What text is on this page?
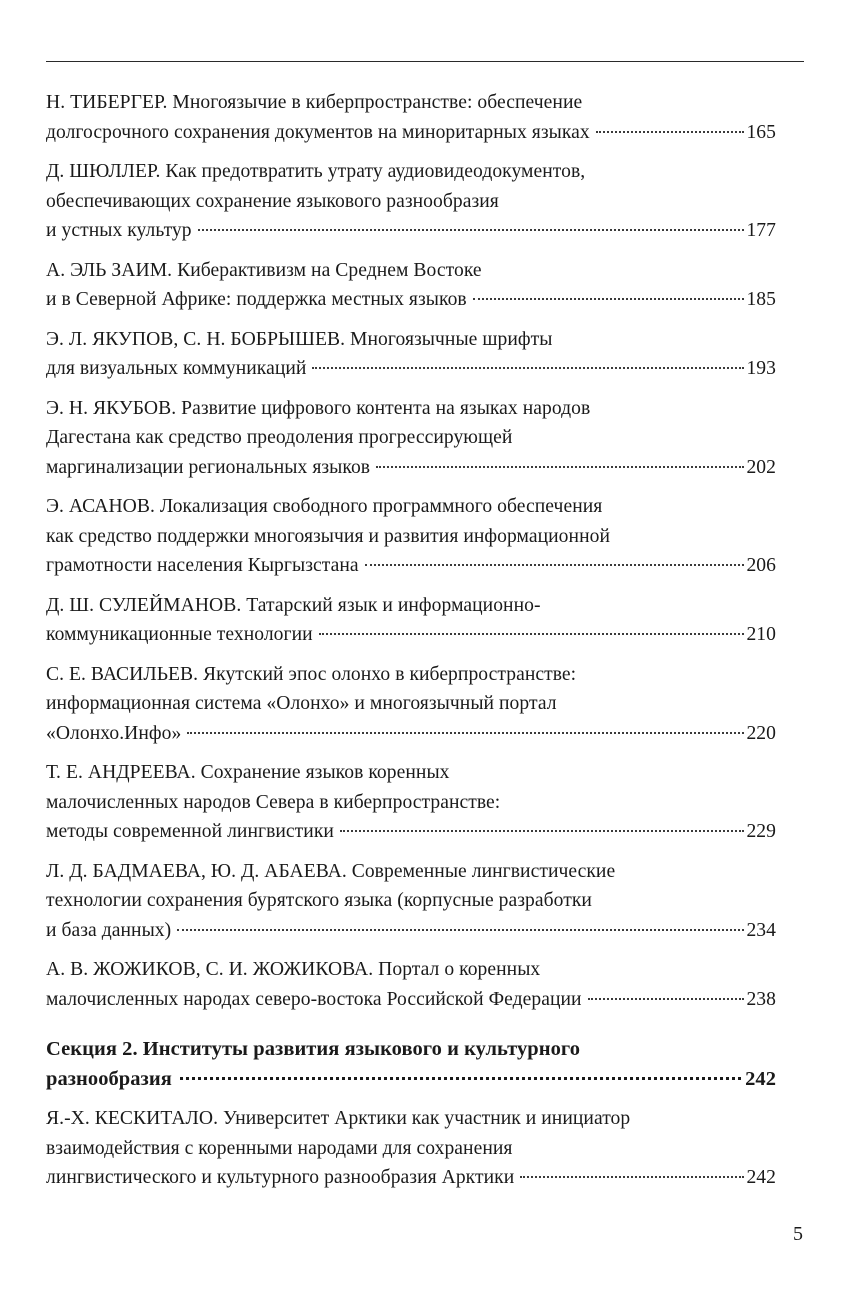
Н. ТИБЕРГЕР. Многоязычие в киберпространстве: обеспечение
долгосрочного сохранения документов на миноритарных языках	165
Д. ШЮЛЛЕР. Как предотвратить утрату аудиовидеодокументов,
обеспечивающих сохранение языкового разнообразия
и устных культур	177
А. ЭЛЬ ЗАИМ. Киберактивизм на Среднем Востоке
и в Северной Африке: поддержка местных языков	185
Э. Л. ЯКУПОВ, С. Н. БОБРЫШЕВ. Многоязычные шрифты
для визуальных коммуникаций	193
Э. Н. ЯКУБОВ. Развитие цифрового контента на языках народов
Дагестана как средство преодоления прогрессирующей
маргинализации региональных языков	202
Э. АСАНОВ. Локализация свободного программного обеспечения
как средство поддержки многоязычия и развития информационной
грамотности населения Кыргызстана	206
Д. Ш. СУЛЕЙМАНОВ. Татарский язык и информационно-
коммуникационные технологии	210
С. Е. ВАСИЛЬЕВ. Якутский эпос олонхо в киберпространстве:
информационная система «Олонхо» и многоязычный портал
«Олонхо.Инфо»	220
Т. Е. АНДРЕЕВА. Сохранение языков коренных
малочисленных народов Севера в киберпространстве:
методы современной лингвистики	229
Л. Д. БАДМАЕВА, Ю. Д. АБАЕВА. Современные лингвистические
технологии сохранения бурятского языка (корпусные разработки
и база данных)	234
А. В. ЖОЖИКОВ, С. И. ЖОЖИКОВА. Портал о коренных
малочисленных народах северо-востока Российской Федерации	238
Секция 2. Институты развития языкового и культурного
разнообразия	242
Я.-Х. КЕСКИТАЛО. Университет Арктики как участник и инициатор
взаимодействия с коренными народами для сохранения
лингвистического и культурного разнообразия Арктики	242
5
